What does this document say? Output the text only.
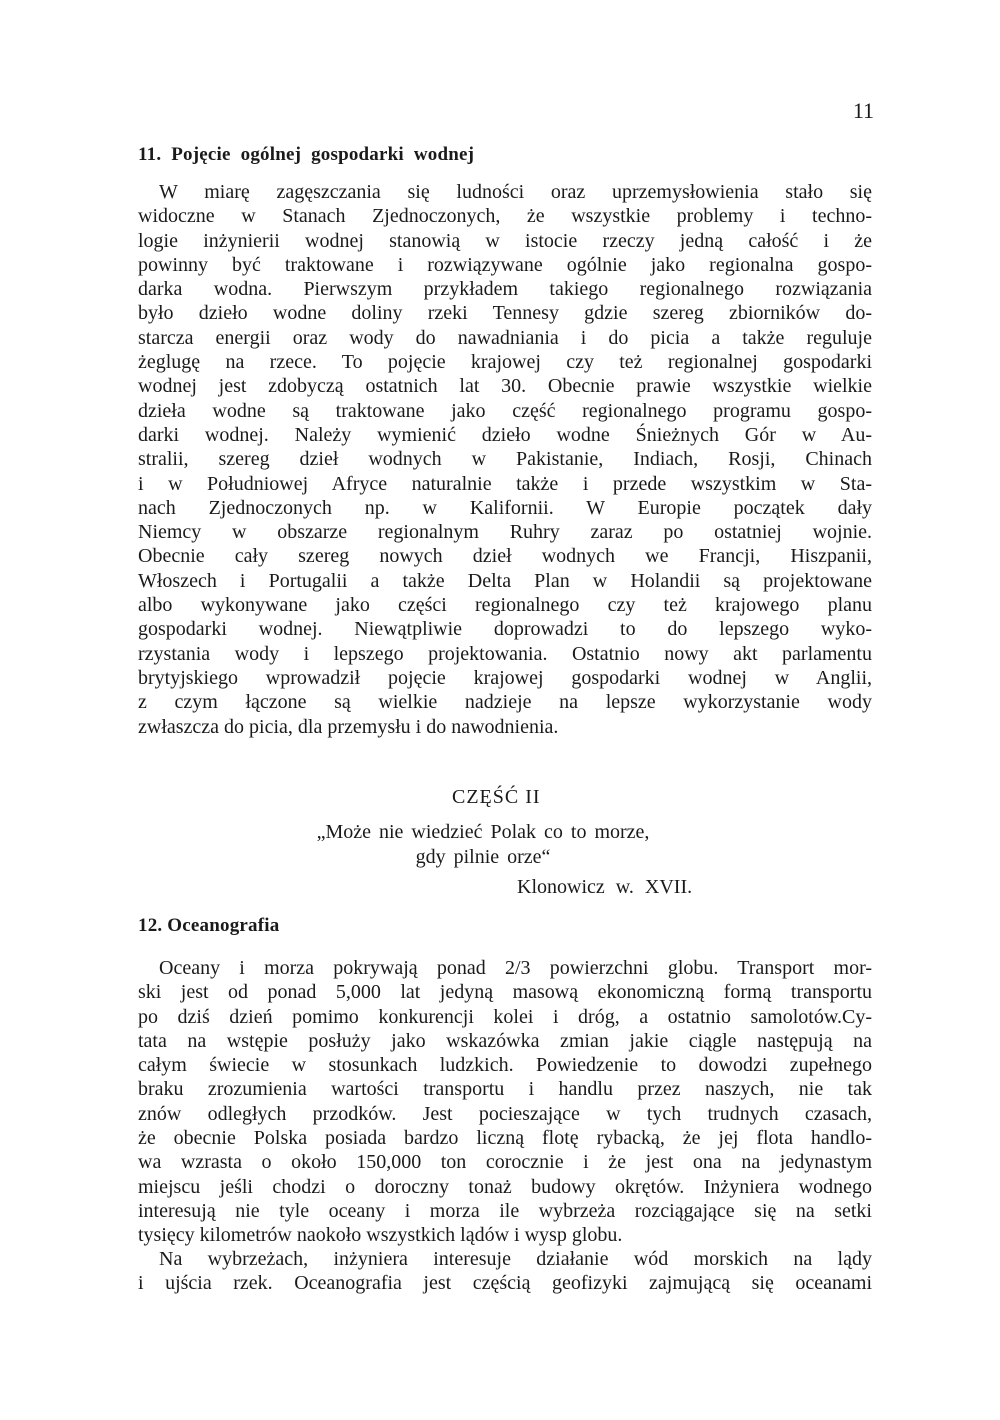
11
11. Pojęcie ogólnej gospodarki wodnej
W miarę zagęszczania się ludności oraz uprzemysłowienia stało się
widoczne w Stanach Zjednoczonych, że wszystkie problemy i techno-
logie inżynierii wodnej stanowią w istocie rzeczy jedną całość i że
powinny być traktowane i rozwiązywane ogólnie jako regionalna gospo-
darka wodna. Pierwszym przykładem takiego regionalnego rozwiązania
było dzieło wodne doliny rzeki Tennesy gdzie szereg zbiorników do-
starcza energii oraz wody do nawadniania i do picia a także reguluje
żeglugę na rzece. To pojęcie krajowej czy też regionalnej gospodarki
wodnej jest zdobyczą ostatnich lat 30. Obecnie prawie wszystkie wielkie
dzieła wodne są traktowane jako część regionalnego programu gospo-
darki wodnej. Należy wymienić dzieło wodne Śnieżnych Gór w Au-
stralii, szereg dzieł wodnych w Pakistanie, Indiach, Rosji, Chinach
i w Południowej Afryce naturalnie także i przede wszystkim w Sta-
nach Zjednoczonych np. w Kalifornii. W Europie początek dały
Niemcy w obszarze regionalnym Ruhry zaraz po ostatniej wojnie.
Obecnie cały szereg nowych dzieł wodnych we Francji, Hiszpanii,
Włoszech i Portugalii a także Delta Plan w Holandii są projektowane
albo wykonywane jako części regionalnego czy też krajowego planu
gospodarki wodnej. Niewątpliwie doprowadzi to do lepszego wyko-
rzystania wody i lepszego projektowania. Ostatnio nowy akt parlamentu
brytyjskiego wprowadził pojęcie krajowej gospodarki wodnej w Anglii,
z czym łączone są wielkie nadzieje na lepsze wykorzystanie wody
zwłaszcza do picia, dla przemysłu i do nawodnienia.
CZĘŚĆ II
„Może nie wiedzieć Polak co to morze,
gdy pilnie orze“
Klonowicz w. XVII.
12. Oceanografia
Oceany i morza pokrywają ponad 2/3 powierzchni globu. Transport mor-
ski jest od ponad 5,000 lat jedyną masową ekonomiczną formą transportu
po dziś dzień pomimo konkurencji kolei i dróg, a ostatnio samolotów.Cy-
tata na wstępie posłuży jako wskazówka zmian jakie ciągle następują na
całym świecie w stosunkach ludzkich. Powiedzenie to dowodzi zupełnego
braku zrozumienia wartości transportu i handlu przez naszych, nie tak
znów odległych przodków. Jest pocieszające w tych trudnych czasach,
że obecnie Polska posiada bardzo liczną flotę rybacką, że jej flota handlo-
wa wzrasta o około 150,000 ton corocznie i że jest ona na jedynastym
miejscu jeśli chodzi o doroczny tonaż budowy okrętów. Inżyniera wodnego
interesują nie tyle oceany i morza ile wybrzeża rozciągające się na setki
tysięcy kilometrów naokoło wszystkich lądów i wysp globu.
Na wybrzeżach, inżyniera interesuje działanie wód morskich na lądy
i ujścia rzek. Oceanografia jest częścią geofizyki zajmującą się oceanami
